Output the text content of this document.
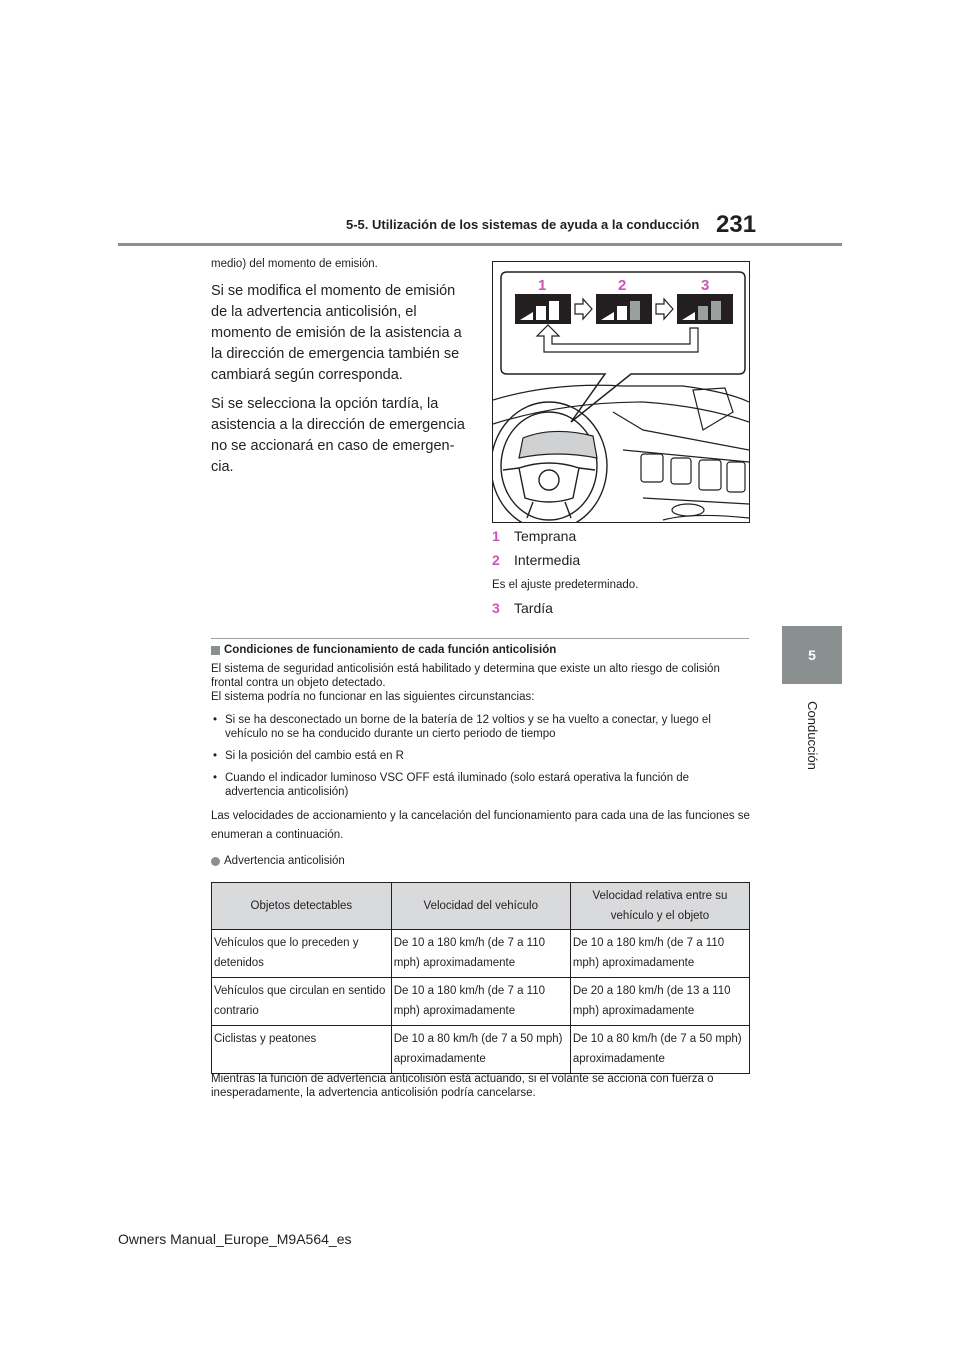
231
5-5. Utilización de los sistemas de ayuda a la conducción
5
Conducción

medio) del momento de emisión.

Si se modifica el momento de emisión de la advertencia anticolisión, el momento de emisión de la asistencia a la dirección de emergencia también se cambiará según corresponda.

Si se selecciona la opción tardía, la asistencia a la dirección de emergencia no se accionará en caso de emergen-cia.

1	2	3
1 Temprana
2 Intermedia

Es el ajuste predeterminado.

3 Tardía
Condiciones de funcionamiento de cada función anticolisión

El sistema de seguridad anticolisión está habilitado y determina que existe un alto riesgo de colisión frontal contra un objeto detectado.

El sistema podría no funcionar en las siguientes circunstancias:

• Si se ha desconectado un borne de la batería de 12 voltios y se ha vuelto a conectar, y luego el vehículo no se ha conducido durante un cierto periodo de tiempo
• Si la posición del cambio está en R
• Cuando el indicador luminoso VSC OFF está iluminado (solo estará operativa la función de advertencia anticolisión)

Las velocidades de accionamiento y la cancelación del funcionamiento para cada una de las funciones se enumeran a continuación.

Advertencia anticolisión
Objetos detectables	Velocidad del vehículo	Velocidad relativa entre su vehículo y el objeto
Vehículos que lo preceden y detenidos	De 10 a 180 km/h (de 7 a 110 mph) aproximadamente	De 10 a 180 km/h (de 7 a 110 mph) aproximadamente
Vehículos que circulan en sentido contrario	De 10 a 180 km/h (de 7 a 110 mph) aproximadamente	De 20 a 180 km/h (de 13 a 110 mph) aproximadamente
Ciclistas y peatones	De 10 a 80 km/h (de 7 a 50 mph) aproximadamente	De 10 a 80 km/h (de 7 a 50 mph) aproximadamente

Mientras la función de advertencia anticolisión está actuando, si el volante se acciona con fuerza o inesperadamente, la advertencia anticolisión podría cancelarse.

Owners Manual_Europe_M9A564_es
